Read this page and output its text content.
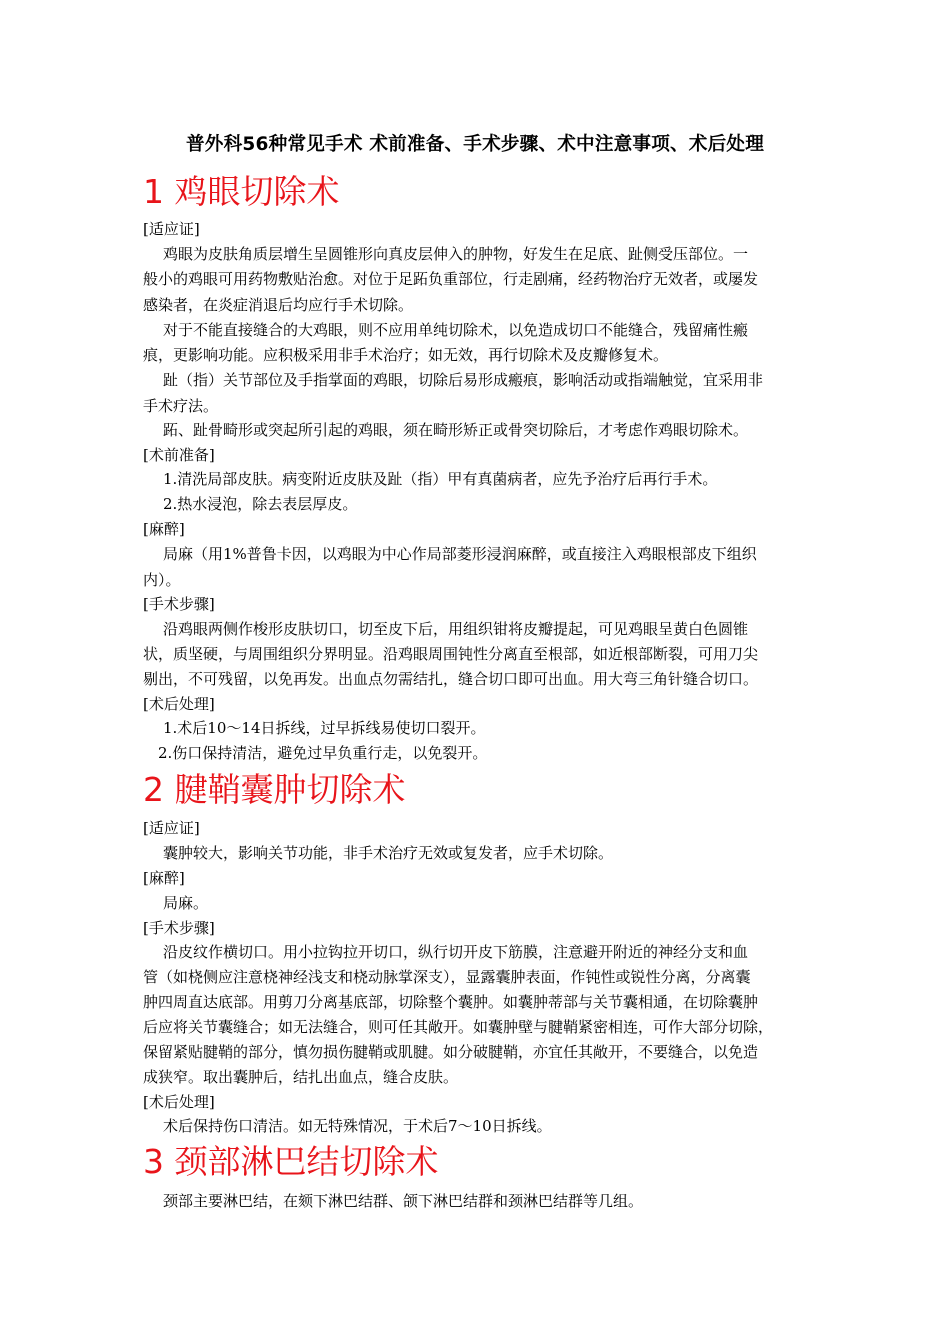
普外科56种常见手术 术前准备、手术步骤、术中注意事项、术后处理
1 鸡眼切除术
[适应证]
鸡眼为皮肤角质层增生呈圆锥形向真皮层伸入的肿物，好发生在足底、趾侧受压部位。一
般小的鸡眼可用药物敷贴治愈。对位于足跖负重部位，行走剧痛，经药物治疗无效者，或屡发
感染者，在炎症消退后均应行手术切除。
对于不能直接缝合的大鸡眼，则不应用单纯切除术，以免造成切口不能缝合，残留痛性瘢
痕，更影响功能。应积极采用非手术治疗；如无效，再行切除术及皮瓣修复术。
趾（指）关节部位及手指掌面的鸡眼，切除后易形成瘢痕，影响活动或指端触觉，宜采用非
手术疗法。
跖、趾骨畸形或突起所引起的鸡眼，须在畸形矫正或骨突切除后，才考虑作鸡眼切除术。
[术前准备]
1.清洗局部皮肤。病变附近皮肤及趾（指）甲有真菌病者，应先予治疗后再行手术。
2.热水浸泡，除去表层厚皮。
[麻醉]
局麻（用1%普鲁卡因，以鸡眼为中心作局部菱形浸润麻醉，或直接注入鸡眼根部皮下组织
内）。
[手术步骤]
沿鸡眼两侧作梭形皮肤切口，切至皮下后，用组织钳将皮瓣提起，可见鸡眼呈黄白色圆锥
状，质坚硬，与周围组织分界明显。沿鸡眼周围钝性分离直至根部，如近根部断裂，可用刀尖
剔出，不可残留，以免再发。出血点勿需结扎，缝合切口即可出血。用大弯三角针缝合切口。
[术后处理]
1.术后10～14日拆线，过早拆线易使切口裂开。
2.伤口保持清洁，避免过早负重行走，以免裂开。
2 腱鞘囊肿切除术
[适应证]
囊肿较大，影响关节功能，非手术治疗无效或复发者，应手术切除。
[麻醉]
局麻。
[手术步骤]
沿皮纹作横切口。用小拉钩拉开切口，纵行切开皮下筋膜，注意避开附近的神经分支和血
管（如桡侧应注意桡神经浅支和桡动脉掌深支），显露囊肿表面，作钝性或锐性分离，分离囊
肿四周直达底部。用剪刀分离基底部，切除整个囊肿。如囊肿蒂部与关节囊相通，在切除囊肿
后应将关节囊缝合；如无法缝合，则可任其敞开。如囊肿壁与腱鞘紧密相连，可作大部分切除，
保留紧贴腱鞘的部分，慎勿损伤腱鞘或肌腱。如分破腱鞘，亦宜任其敞开，不要缝合，以免造
成狭窄。取出囊肿后，结扎出血点，缝合皮肤。
[术后处理]
术后保持伤口清洁。如无特殊情况，于术后7～10日拆线。
3 颈部淋巴结切除术
颈部主要淋巴结，在颏下淋巴结群、颌下淋巴结群和颈淋巴结群等几组。
